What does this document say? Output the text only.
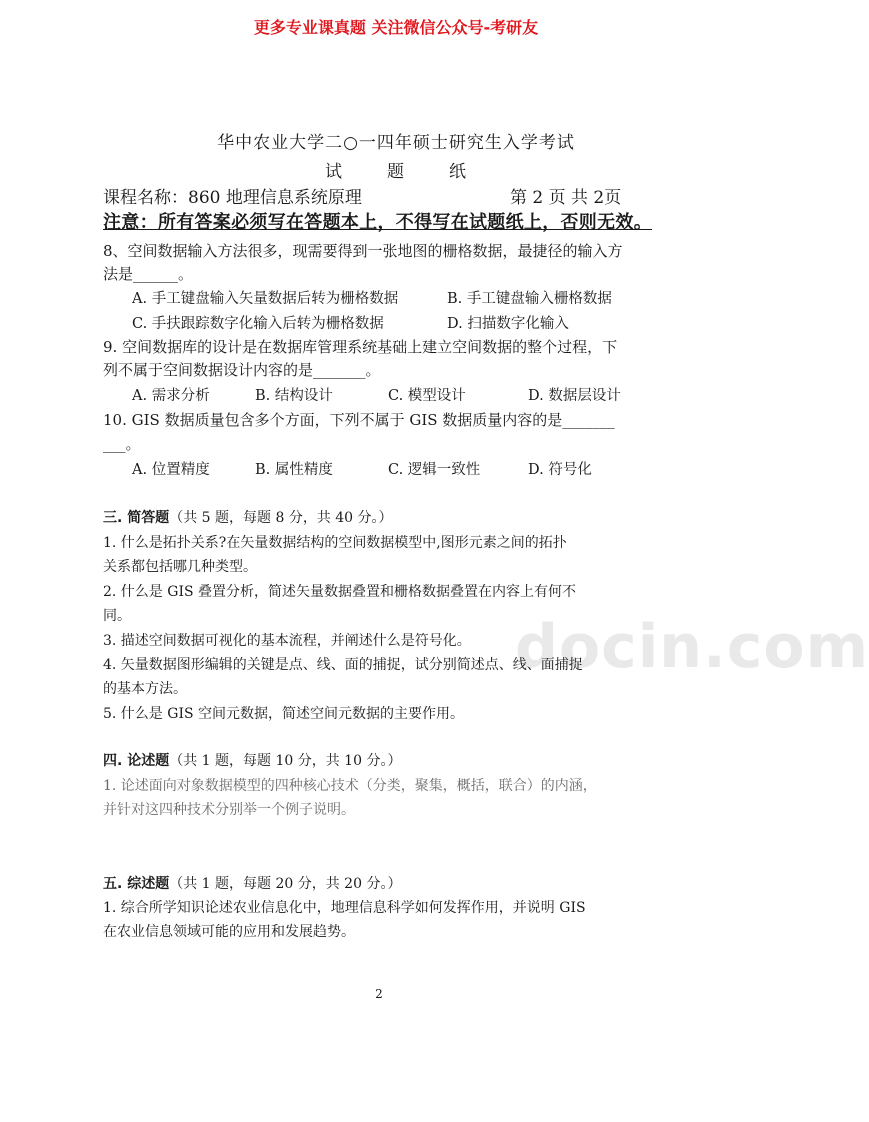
更多专业课真题 关注微信公众号-考研友
docin.com
华中农业大学二○一四年硕士研究生入学考试
试	题	纸
课程名称：860 地理信息系统原理	第 2 页 共 2页
注意：所有答案必须写在答题本上，不得写在试题纸上，否则无效。
8、空间数据输入方法很多，现需要得到一张地图的栅格数据，最捷径的输入方
法是______。
A. 手工键盘输入矢量数据后转为栅格数据	B. 手工键盘输入栅格数据
C. 手扶跟踪数字化输入后转为栅格数据	D. 扫描数字化输入
9. 空间数据库的设计是在数据库管理系统基础上建立空间数据的整个过程，下
列不属于空间数据设计内容的是_______。
A. 需求分析	B. 结构设计	C. 模型设计	D. 数据层设计
10. GIS 数据质量包含多个方面，下列不属于 GIS 数据质量内容的是_______
___。
A. 位置精度	B. 属性精度	C. 逻辑一致性	D. 符号化
三. 简答题（共 5 题，每题 8 分，共 40 分。）
1. 什么是拓扑关系?在矢量数据结构的空间数据模型中,图形元素之间的拓扑
关系都包括哪几种类型。
2. 什么是 GIS 叠置分析，简述矢量数据叠置和栅格数据叠置在内容上有何不
同。
3. 描述空间数据可视化的基本流程，并阐述什么是符号化。
4. 矢量数据图形编辑的关键是点、线、面的捕捉，试分别简述点、线、面捕捉
的基本方法。
5. 什么是 GIS 空间元数据，简述空间元数据的主要作用。
四. 论述题（共 1 题，每题 10 分，共 10 分。）
1. 论述面向对象数据模型的四种核心技术（分类，聚集，概括，联合）的内涵，
并针对这四种技术分别举一个例子说明。
五. 综述题（共 1 题，每题 20 分，共 20 分。）
1. 综合所学知识论述农业信息化中，地理信息科学如何发挥作用，并说明 GIS
在农业信息领域可能的应用和发展趋势。
2
